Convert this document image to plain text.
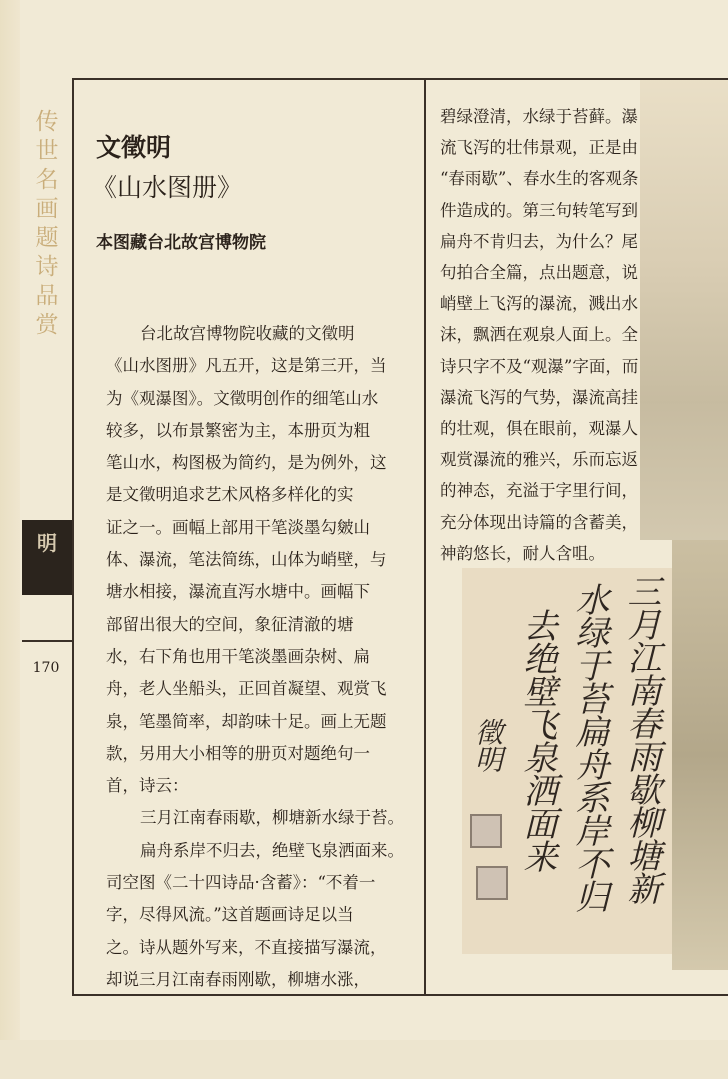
传
世
名
画
题
诗
品
赏
明
170
文徵明
《山水图册》
本图藏台北故宫博物院

台北故宫博物院收藏的文徵明

《山水图册》凡五开，这是第三开，当

为《观瀑图》。文徵明创作的细笔山水

较多，以布景繁密为主，本册页为粗

笔山水，构图极为简约，是为例外，这

是文徵明追求艺术风格多样化的实

证之一。画幅上部用干笔淡墨勾皴山

体、瀑流，笔法简练，山体为峭壁，与

塘水相接，瀑流直泻水塘中。画幅下

部留出很大的空间，象征清澈的塘

水，右下角也用干笔淡墨画杂树、扁

舟，老人坐船头，正回首凝望、观赏飞

泉，笔墨简率，却韵味十足。画上无题

款，另用大小相等的册页对题绝句一

首，诗云：

三月江南春雨歇，柳塘新水绿于苔。

扁舟系岸不归去，绝壁飞泉洒面来。

司空图《二十四诗品·含蓄》：“不着一

字，尽得风流。”这首题画诗足以当

之。诗从题外写来，不直接描写瀑流，

却说三月江南春雨刚歇，柳塘水涨，

碧绿澄清，水绿于苔藓。瀑

流飞泻的壮伟景观，正是由

“春雨歇”、春水生的客观条

件造成的。第三句转笔写到

扁舟不肯归去，为什么？尾

句拍合全篇，点出题意，说

峭壁上飞泻的瀑流，溅出水

沫，飘洒在观泉人面上。全

诗只字不及“观瀑”字面，而

瀑流飞泻的气势，瀑流高挂

的壮观，俱在眼前，观瀑人

观赏瀑流的雅兴，乐而忘返

的神态，充溢于字里行间，

充分体现出诗篇的含蓄美，

神韵悠长，耐人含咀。

三月江南春雨歇柳塘新
水绿于苔扁舟系岸不归
去绝壁飞泉洒面来
徵明
